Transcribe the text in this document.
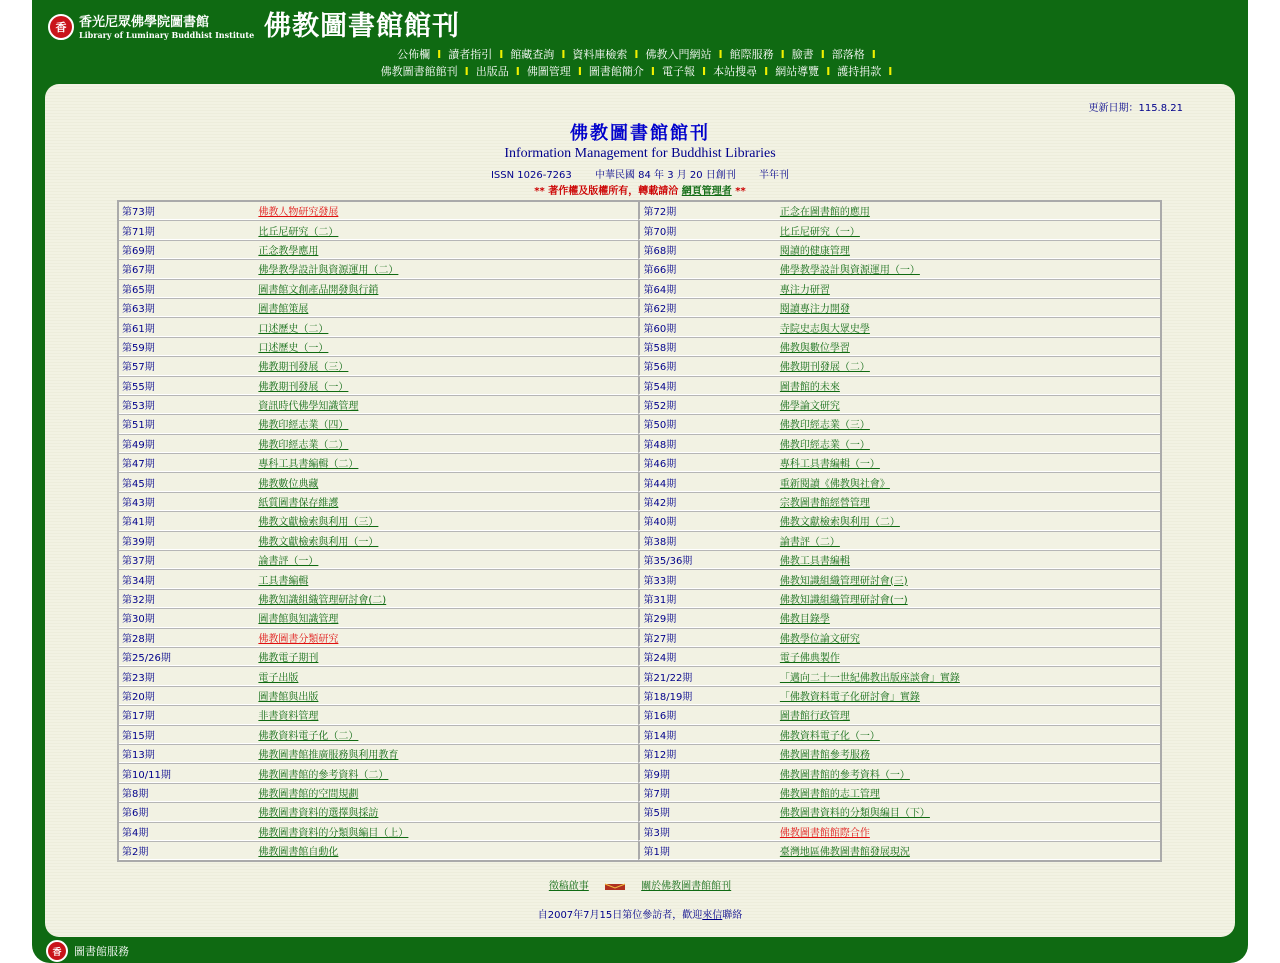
香 香光尼眾佛學院圖書館
Library of Luminary Buddhist Institute 佛教圖書館館刊
公佈欄 I 讀者指引 I 館藏查詢 I 資料庫檢索 I 佛教入門網站 I 館際服務 I 臉書 I 部落格 I
佛教圖書館館刊 I 出版品 I 佛圖管理 I 圖書館簡介 I 電子報 I 本站搜尋 I 網站導覽 I 護持捐款 I
更新日期：115.8.21
佛教圖書館館刊
Information Management for Buddhist Libraries
ISSN 1026-7263 中華民國 84 年 3 月 20 日創刊 半年刊
** 著作權及版權所有，轉載請洽 網頁管理者 **
第73期	佛教人物研究發展	第72期	正念在圖書館的應用
第71期	比丘尼研究（二）	第70期	比丘尼研究（一）
第69期	正念教學應用	第68期	閱讀的健康管理
第67期	佛學教學設計與資源運用（二）	第66期	佛學教學設計與資源運用（一）
第65期	圖書館文創產品開發與行銷	第64期	專注力研習
第63期	圖書館策展	第62期	閱讀專注力開發
第61期	口述歷史（二）	第60期	寺院史志與大眾史學
第59期	口述歷史（一）	第58期	佛教與數位學習
第57期	佛教期刊發展（三）	第56期	佛教期刊發展（二）
第55期	佛教期刊發展（一）	第54期	圖書館的未來
第53期	資訊時代佛學知識管理	第52期	佛學論文研究
第51期	佛教印經志業（四）	第50期	佛教印經志業（三）
第49期	佛教印經志業（二）	第48期	佛教印經志業（一）
第47期	專科工具書編輯（二）	第46期	專科工具書編輯（一）
第45期	佛教數位典藏	第44期	重新閱讀《佛教與社會》
第43期	紙質圖書保存維護	第42期	宗教圖書館經營管理
第41期	佛教文獻檢索與利用（三）	第40期	佛教文獻檢索與利用（二）
第39期	佛教文獻檢索與利用（一）	第38期	論書評（二）
第37期	論書評（一）	第35/36期	佛教工具書編輯
第34期	工具書編輯	第33期	佛教知識組織管理研討會(三)
第32期	佛教知識組織管理研討會(二)	第31期	佛教知識組織管理研討會(一)
第30期	圖書館與知識管理	第29期	佛教目錄學
第28期	佛教圖書分類研究	第27期	佛教學位論文研究
第25/26期	佛教電子期刊	第24期	電子佛典製作
第23期	電子出版	第21/22期	「邁向二十一世紀佛教出版座談會」實錄
第20期	圖書館與出版	第18/19期	「佛教資料電子化研討會」實錄
第17期	非書資料管理	第16期	圖書館行政管理
第15期	佛教資料電子化（二）	第14期	佛教資料電子化（一）
第13期	佛教圖書館推廣服務與利用教育	第12期	佛教圖書館參考服務
第10/11期	佛教圖書館的參考資料（二）	第9期	佛教圖書館的參考資料（一）
第8期	佛教圖書館的空間規劃	第7期	佛教圖書館的志工管理
第6期	佛教圖書資料的選擇與採訪	第5期	佛教圖書資料的分類與編目（下）
第4期	佛教圖書資料的分類與編目（上）	第3期	佛教圖書館館際合作
第2期	佛教圖書館自動化	第1期	臺灣地區佛教圖書館發展現況
徵稿啟事	關於佛教圖書館館刊
自2007年7月15日第位參訪者，歡迎來信聯絡
香	圖書館服務
